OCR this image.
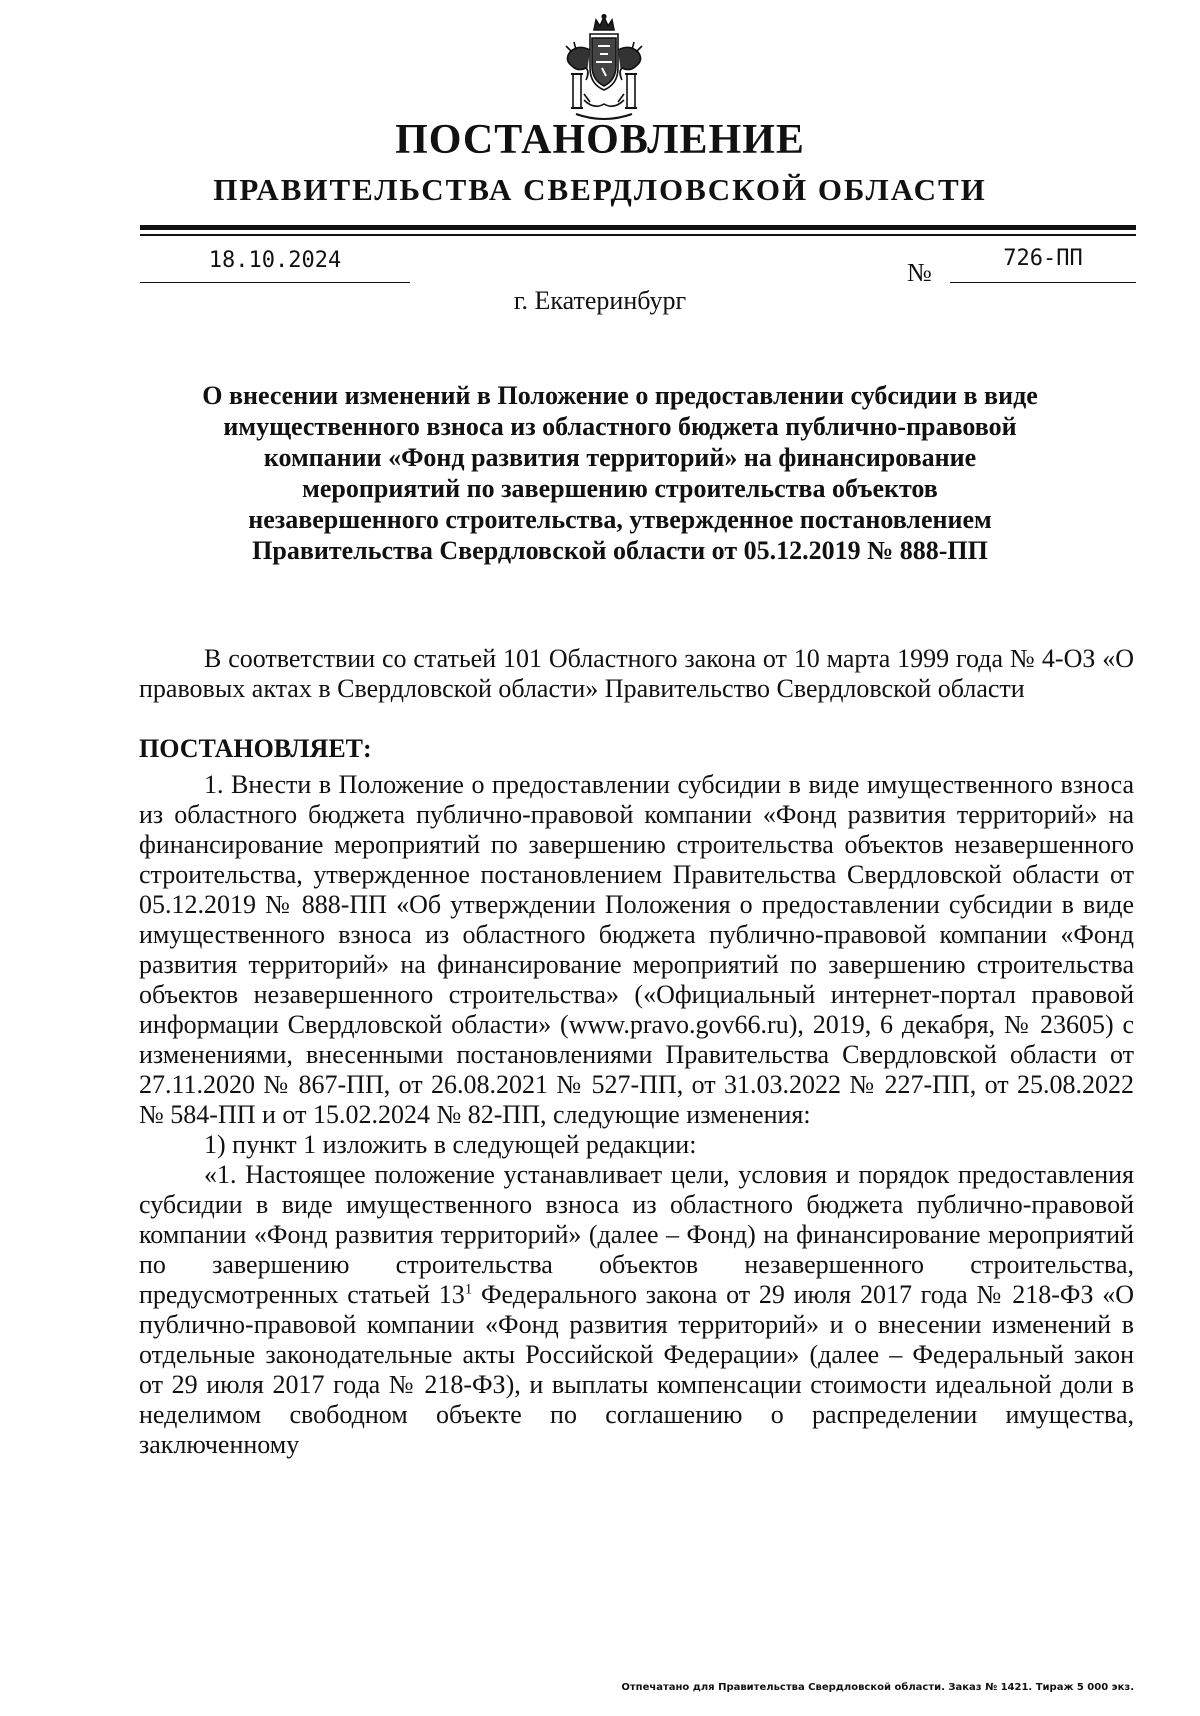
ПОСТАНОВЛЕНИЕ
ПРАВИТЕЛЬСТВА СВЕРДЛОВСКОЙ ОБЛАСТИ
18.10.2024	№	726-ПП
г. Екатеринбург
О внесении изменений в Положение о предоставлении субсидии в виде
имущественного взноса из областного бюджета публично-правовой
компании «Фонд развития территорий» на финансирование
мероприятий по завершению строительства объектов
незавершенного строительства, утвержденное постановлением
Правительства Свердловской области от 05.12.2019 № 888-ПП
В соответствии со статьей 101 Областного закона от 10 марта 1999 года № 4-ОЗ «О правовых актах в Свердловской области» Правительство Свердловской области
ПОСТАНОВЛЯЕТ:

1. Внести в Положение о предоставлении субсидии в виде имущественного взноса из областного бюджета публично-правовой компании «Фонд развития территорий» на финансирование мероприятий по завершению строительства объектов незавершенного строительства, утвержденное постановлением Правительства Свердловской области от 05.12.2019 № 888-ПП «Об утверждении Положения о предоставлении субсидии в виде имущественного взноса из областного бюджета публично-правовой компании «Фонд развития территорий» на финансирование мероприятий по завершению строительства объектов незавершенного строительства» («Официальный интернет-портал правовой информации Свердловской области» (www.pravo.gov66.ru), 2019, 6 декабря, № 23605) с изменениями, внесенными постановлениями Правительства Свердловской области от 27.11.2020 № 867-ПП, от 26.08.2021 № 527-ПП, от 31.03.2022 № 227-ПП, от 25.08.2022 № 584-ПП и от 15.02.2024 № 82-ПП, следующие изменения:

1) пункт 1 изложить в следующей редакции:

«1. Настоящее положение устанавливает цели, условия и порядок предоставления субсидии в виде имущественного взноса из областного бюджета публично-правовой компании «Фонд развития территорий» (далее – Фонд) на финансирование мероприятий по завершению строительства объектов незавершенного строительства, предусмотренных статьей $13^1$ Федерального закона от 29 июля 2017 года № 218-ФЗ «О публично-правовой компании «Фонд развития территорий» и о внесении изменений в отдельные законодательные акты Российской Федерации» (далее – Федеральный закон от 29 июля 2017 года № 218-ФЗ), и выплаты компенсации стоимости идеальной доли в неделимом свободном объекте по соглашению о распределении имущества, заключенному

Отпечатано для Правительства Свердловской области. Заказ № 1421. Тираж 5 000 экз.
